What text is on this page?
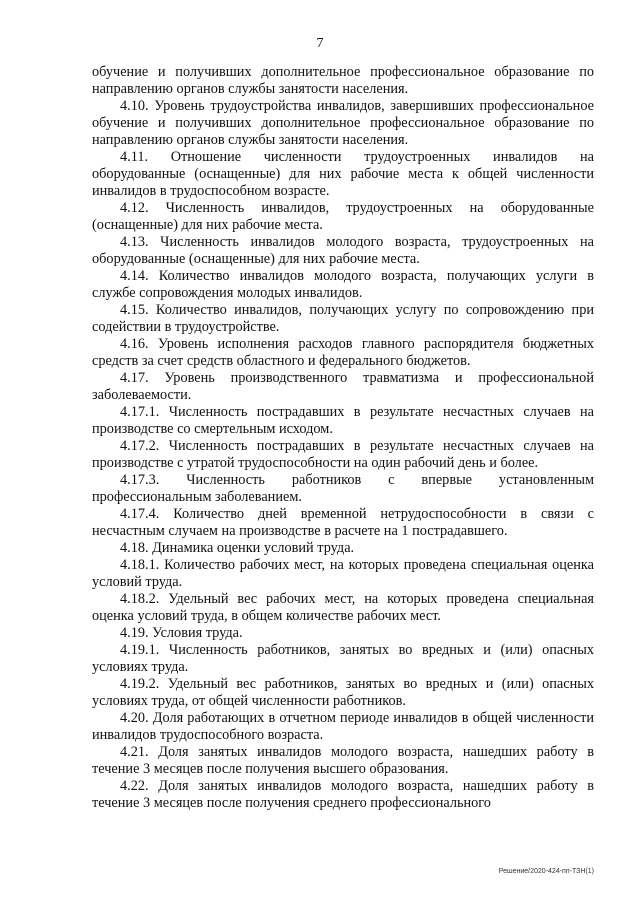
7

обучение и получивших дополнительное профессиональное образование по направлению органов службы занятости населения.

4.10. Уровень трудоустройства инвалидов, завершивших профессиональное обучение и получивших дополнительное профессиональное образование по направлению органов службы занятости населения.

4.11. Отношение численности трудоустроенных инвалидов на оборудованные (оснащенные) для них рабочие места к общей численности инвалидов в трудоспособном возрасте.

4.12. Численность инвалидов, трудоустроенных на оборудованные (оснащенные) для них рабочие места.

4.13. Численность инвалидов молодого возраста, трудоустроенных на оборудованные (оснащенные) для них рабочие места.

4.14. Количество инвалидов молодого возраста, получающих услуги в службе сопровождения молодых инвалидов.

4.15. Количество инвалидов, получающих услугу по сопровождению при содействии в трудоустройстве.

4.16. Уровень исполнения расходов главного распорядителя бюджетных средств за счет средств областного и федерального бюджетов.

4.17. Уровень производственного травматизма и профессиональной заболеваемости.

4.17.1. Численность пострадавших в результате несчастных случаев на производстве со смертельным исходом.

4.17.2. Численность пострадавших в результате несчастных случаев на производстве с утратой трудоспособности на один рабочий день и более.

4.17.3. Численность работников с впервые установленным профессиональным заболеванием.

4.17.4. Количество дней временной нетрудоспособности в связи с несчастным случаем на производстве в расчете на 1 пострадавшего.

4.18. Динамика оценки условий труда.

4.18.1. Количество рабочих мест, на которых проведена специальная оценка условий труда.

4.18.2. Удельный вес рабочих мест, на которых проведена специальная оценка условий труда, в общем количестве рабочих мест.

4.19. Условия труда.

4.19.1. Численность работников, занятых во вредных и (или) опасных условиях труда.

4.19.2. Удельный вес работников, занятых во вредных и (или) опасных условиях труда, от общей численности работников.

4.20. Доля работающих в отчетном периоде инвалидов в общей численности инвалидов трудоспособного возраста.

4.21. Доля занятых инвалидов молодого возраста, нашедших работу в течение 3 месяцев после получения высшего образования.

4.22. Доля занятых инвалидов молодого возраста, нашедших работу в течение 3 месяцев после получения среднего профессионального

Решение/2020-424-пп-ТЗН(1)
